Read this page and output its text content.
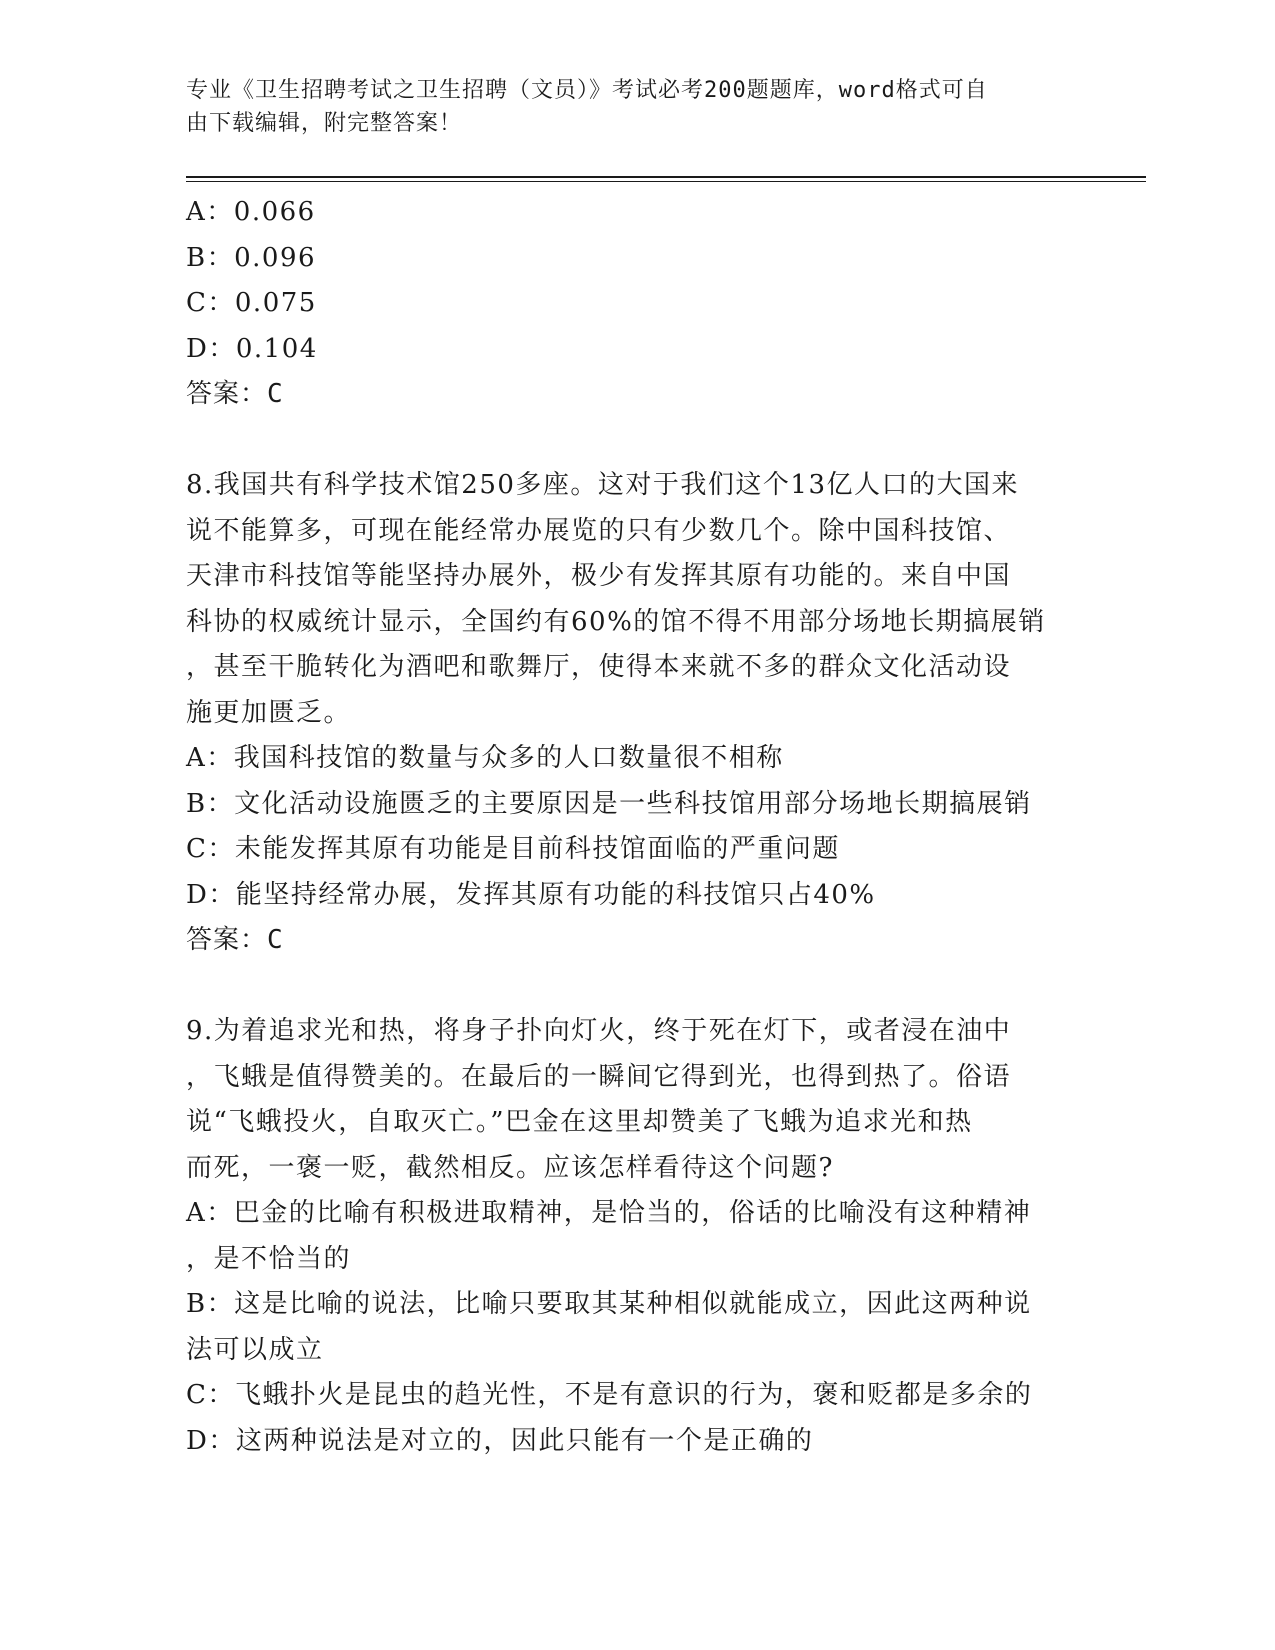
专业《卫生招聘考试之卫生招聘（文员）》考试必考200题题库，word格式可自
由下载编辑，附完整答案！
A：0.066
B：0.096
C：0.075
D：0.104
答案：C
8.我国共有科学技术馆250多座。这对于我们这个13亿人口的大国来
说不能算多，可现在能经常办展览的只有少数几个。除中国科技馆、
天津市科技馆等能坚持办展外，极少有发挥其原有功能的。来自中国
科协的权威统计显示，全国约有60%的馆不得不用部分场地长期搞展销
，甚至干脆转化为酒吧和歌舞厅，使得本来就不多的群众文化活动设
施更加匮乏。
A：我国科技馆的数量与众多的人口数量很不相称
B：文化活动设施匮乏的主要原因是一些科技馆用部分场地长期搞展销
C：未能发挥其原有功能是目前科技馆面临的严重问题
D：能坚持经常办展，发挥其原有功能的科技馆只占40%
答案：C
9.为着追求光和热，将身子扑向灯火，终于死在灯下，或者浸在油中
，飞蛾是值得赞美的。在最后的一瞬间它得到光，也得到热了。俗语
说“飞蛾投火，自取灭亡。”巴金在这里却赞美了飞蛾为追求光和热
而死，一褒一贬，截然相反。应该怎样看待这个问题?
A：巴金的比喻有积极进取精神，是恰当的，俗话的比喻没有这种精神
，是不恰当的
B：这是比喻的说法，比喻只要取其某种相似就能成立，因此这两种说
法可以成立
C：飞蛾扑火是昆虫的趋光性，不是有意识的行为，褒和贬都是多余的
D：这两种说法是对立的，因此只能有一个是正确的
